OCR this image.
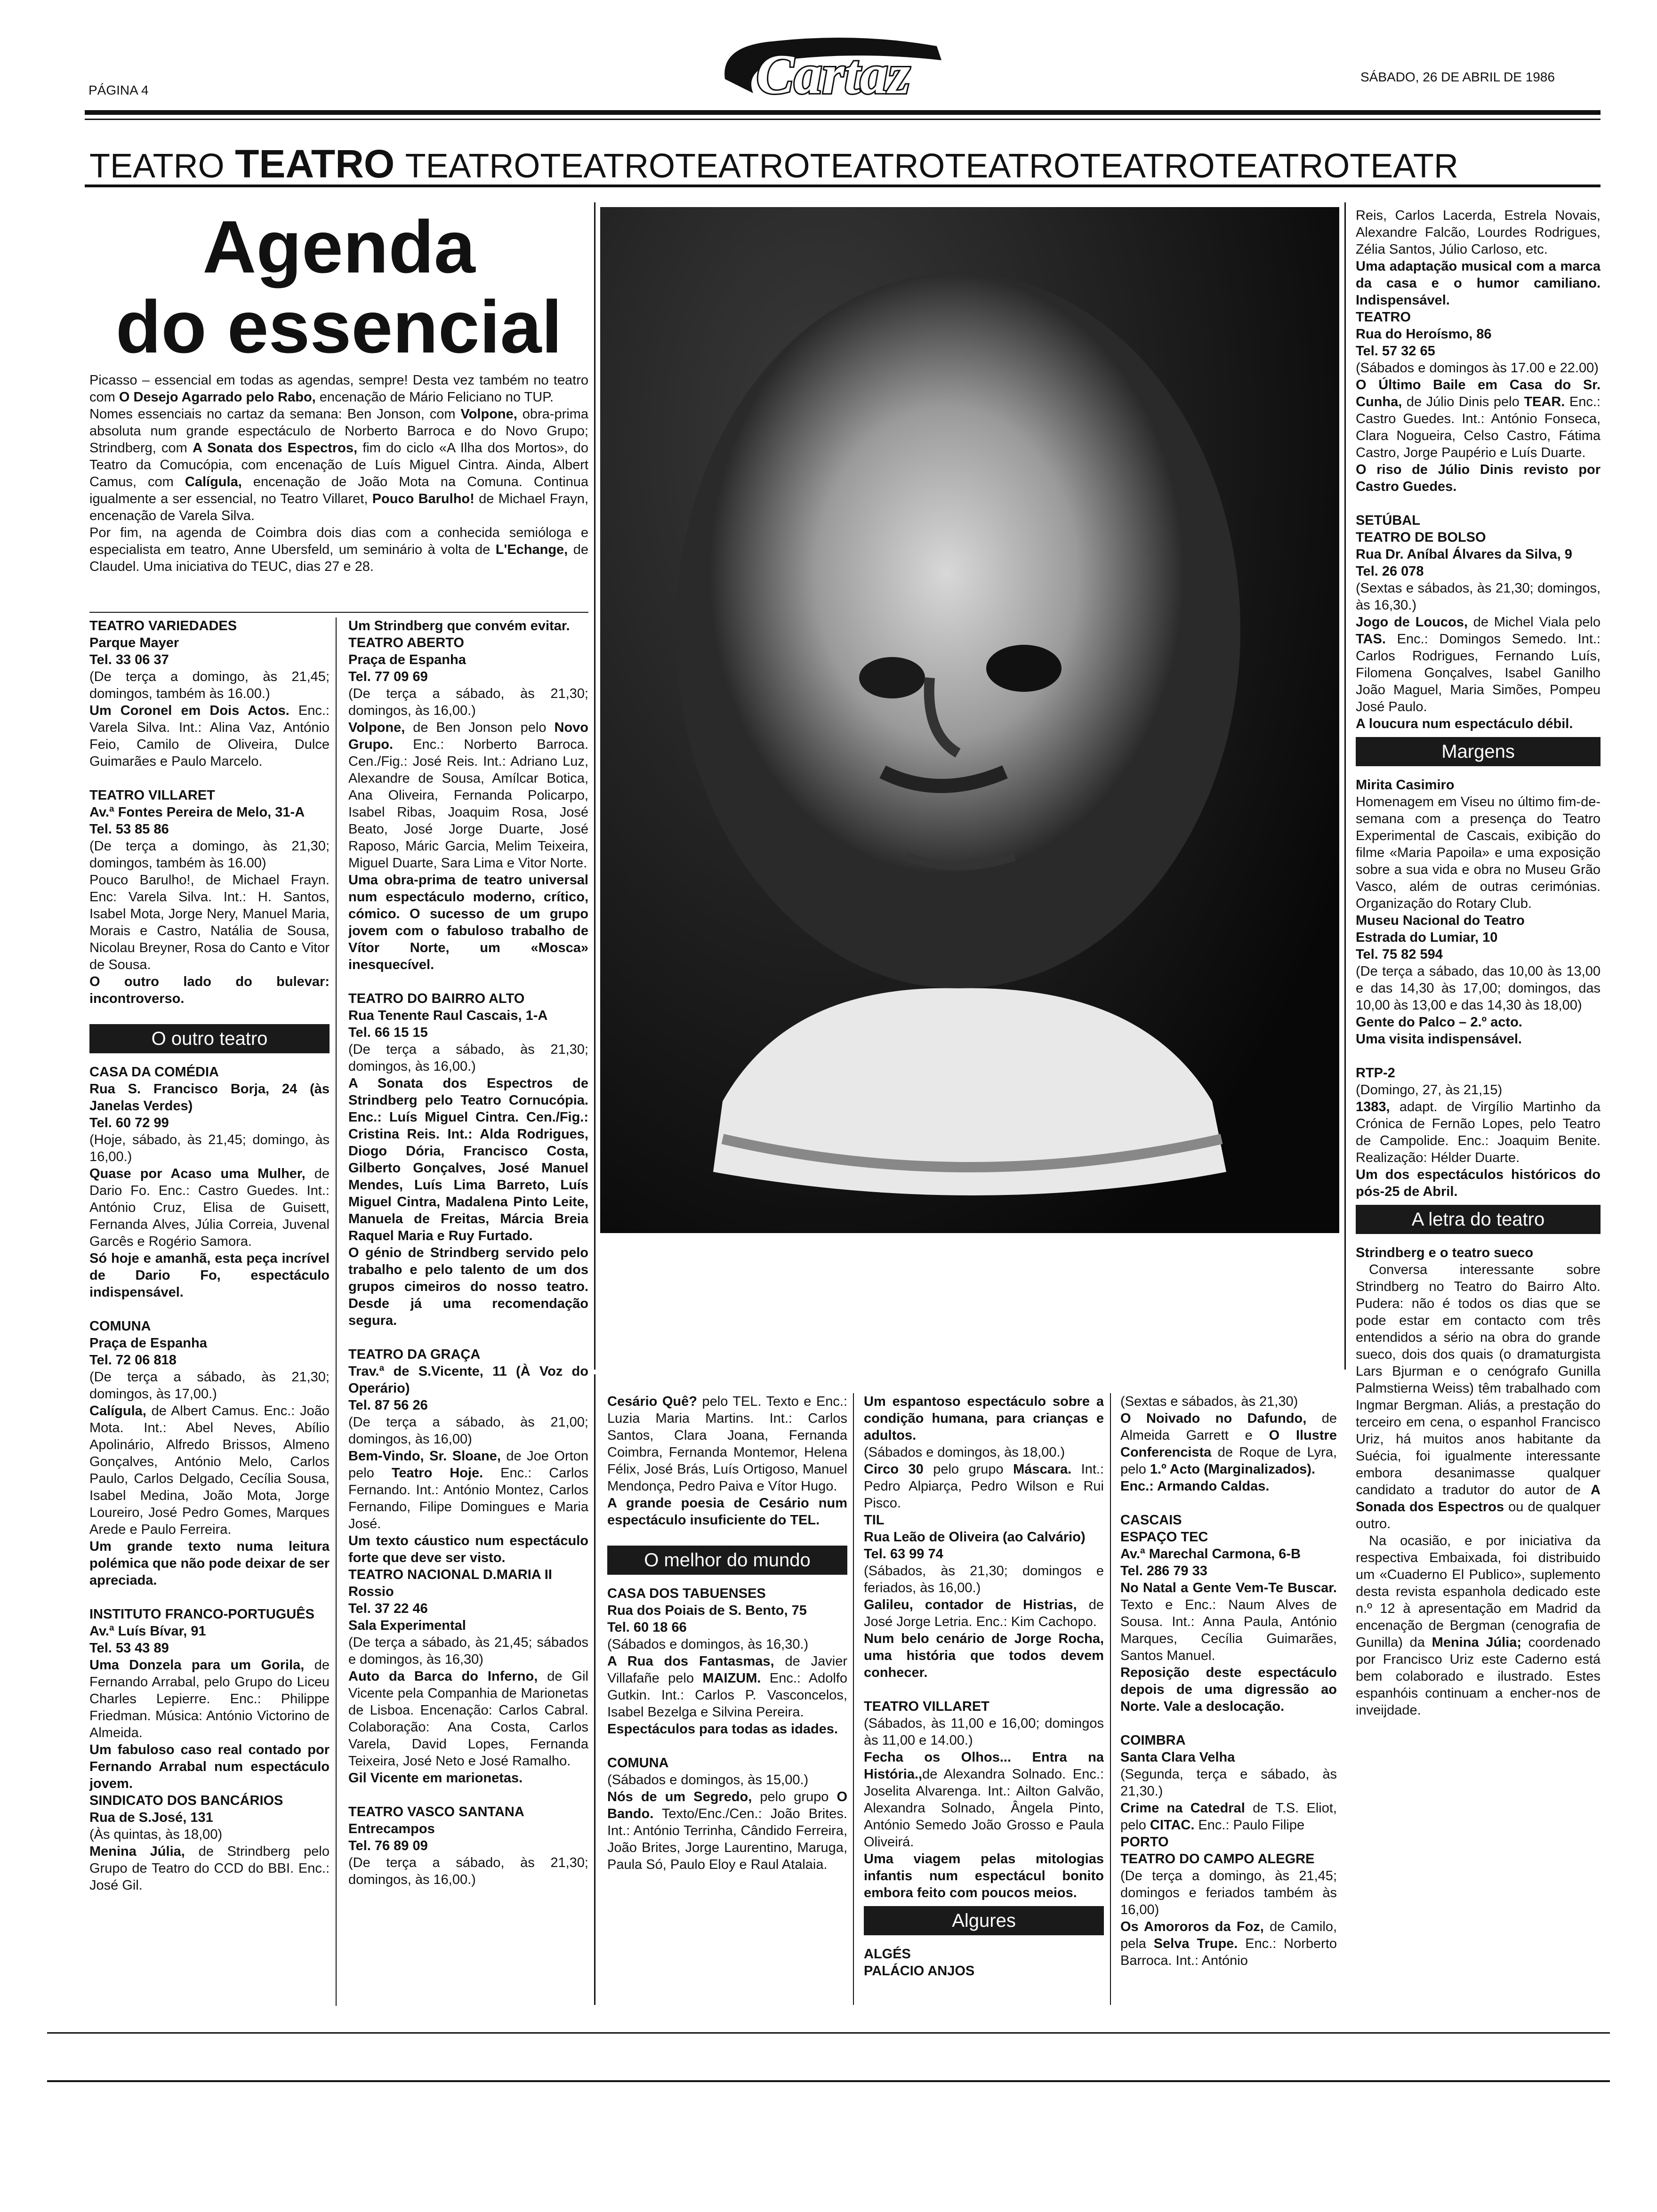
PÁGINA 4	Cartaz	SÁBADO, 26 DE ABRIL DE 1986
TEATRO TEATRO TEATROTEATROTEATROTEATROTEATROTEATROTEATROTEATR
Agenda
do essencial

Picasso – essencial em todas as agendas, sempre! Desta vez também no teatro com O Desejo Agarrado pelo Rabo, encenação de Mário Feliciano no TUP.

Nomes essenciais no cartaz da semana: Ben Jonson, com Volpone, obra-prima absoluta num grande espectáculo de Norberto Barroca e do Novo Grupo; Strindberg, com A Sonata dos Espectros, fim do ciclo «A Ilha dos Mortos», do Teatro da Comucópia, com encenação de Luís Miguel Cintra. Ainda, Albert Camus, com Calígula, encenação de João Mota na Comuna. Continua igualmente a ser essencial, no Teatro Villaret, Pouco Barulho! de Michael Frayn, encenação de Varela Silva.

Por fim, na agenda de Coimbra dois dias com a conhecida semióloga e especialista em teatro, Anne Ubersfeld, um seminário à volta de L'Echange, de Claudel. Uma iniciativa do TEUC, dias 27 e 28.

TEATRO VARIEDADES

Parque Mayer

Tel. 33 06 37

(De terça a domingo, às 21,45; domingos, também às 16.00.)

Um Coronel em Dois Actos. Enc.: Varela Silva. Int.: Alina Vaz, António Feio, Camilo de Oliveira, Dulce Guimarães e Paulo Marcelo.

TEATRO VILLARET

Av.ª Fontes Pereira de Melo, 31-A

Tel. 53 85 86

(De terça a domingo, às 21,30; domingos, também às 16.00)

Pouco Barulho!, de Michael Frayn. Enc: Varela Silva. Int.: H. Santos, Isabel Mota, Jorge Nery, Manuel Maria, Morais e Castro, Natália de Sousa, Nicolau Breyner, Rosa do Canto e Vitor de Sousa.

O outro lado do bulevar: incontroverso.

O outro teatro

CASA DA COMÉDIA

Rua S. Francisco Borja, 24 (às Janelas Verdes)

Tel. 60 72 99

(Hoje, sábado, às 21,45; domingo, às 16,00.)

Quase por Acaso uma Mulher, de Dario Fo. Enc.: Castro Guedes. Int.: António Cruz, Elisa de Guisett, Fernanda Alves, Júlia Correia, Juvenal Garcês e Rogério Samora.

Só hoje e amanhã, esta peça incrível de Dario Fo, espectáculo indispensável.

COMUNA

Praça de Espanha

Tel. 72 06 818

(De terça a sábado, às 21,30; domingos, às 17,00.)

Calígula, de Albert Camus. Enc.: João Mota. Int.: Abel Neves, Abílio Apolinário, Alfredo Brissos, Almeno Gonçalves, António Melo, Carlos Paulo, Carlos Delgado, Cecília Sousa, Isabel Medina, João Mota, Jorge Loureiro, José Pedro Gomes, Marques Arede e Paulo Ferreira.

Um grande texto numa leitura polémica que não pode deixar de ser apreciada.

INSTITUTO FRANCO-PORTUGUÊS

Av.ª Luís Bívar, 91

Tel. 53 43 89

Uma Donzela para um Gorila, de Fernando Arrabal, pelo Grupo do Liceu Charles Lepierre. Enc.: Philippe Friedman. Música: António Victorino de Almeida.

Um fabuloso caso real contado por Fernando Arrabal num espectáculo jovem.

SINDICATO DOS BANCÁRIOS

Rua de S.José, 131

(Às quintas, às 18,00)

Menina Júlia, de Strindberg pelo Grupo de Teatro do CCD do BBI. Enc.: José Gil.

Um Strindberg que convém evitar.

TEATRO ABERTO

Praça de Espanha

Tel. 77 09 69

(De terça a sábado, às 21,30; domingos, às 16,00.)

Volpone, de Ben Jonson pelo Novo Grupo. Enc.: Norberto Barroca. Cen./Fig.: José Reis. Int.: Adriano Luz, Alexandre de Sousa, Amílcar Botica, Ana Oliveira, Fernanda Policarpo, Isabel Ribas, Joaquim Rosa, José Beato, José Jorge Duarte, José Raposo, Máric Garcia, Melim Teixeira, Miguel Duarte, Sara Lima e Vitor Norte.

Uma obra-prima de teatro universal num espectáculo moderno, crítico, cómico. O sucesso de um grupo jovem com o fabuloso trabalho de Vítor Norte, um «Mosca» inesquecível.

TEATRO DO BAIRRO ALTO

Rua Tenente Raul Cascais, 1-A

Tel. 66 15 15

(De terça a sábado, às 21,30; domingos, às 16,00.)

A Sonata dos Espectros de Strindberg pelo Teatro Cornucópia. Enc.: Luís Miguel Cintra. Cen./Fig.: Cristina Reis. Int.: Alda Rodrigues, Diogo Dória, Francisco Costa, Gilberto Gonçalves, José Manuel Mendes, Luís Lima Barreto, Luís Miguel Cintra, Madalena Pinto Leite, Manuela de Freitas, Márcia Breia Raquel Maria e Ruy Furtado.

O génio de Strindberg servido pelo trabalho e pelo talento de um dos grupos cimeiros do nosso teatro. Desde já uma recomendação segura.

TEATRO DA GRAÇA

Trav.ª de S.Vicente, 11 (À Voz do Operário)

Tel. 87 56 26

(De terça a sábado, às 21,00; domingos, às 16,00)

Bem-Vindo, Sr. Sloane, de Joe Orton pelo Teatro Hoje. Enc.: Carlos Fernando. Int.: António Montez, Carlos Fernando, Filipe Domingues e Maria José.

Um texto cáustico num espectáculo forte que deve ser visto.

TEATRO NACIONAL D.MARIA II

Rossio

Tel. 37 22 46

Sala Experimental

(De terça a sábado, às 21,45; sábados e domingos, às 16,30)

Auto da Barca do Inferno, de Gil Vicente pela Companhia de Marionetas de Lisboa. Encenação: Carlos Cabral. Colaboração: Ana Costa, Carlos Varela, David Lopes, Fernanda Teixeira, José Neto e José Ramalho.

Gil Vicente em marionetas.

TEATRO VASCO SANTANA

Entrecampos

Tel. 76 89 09

(De terça a sábado, às 21,30; domingos, às 16,00.)

Cesário Quê? pelo TEL. Texto e Enc.: Luzia Maria Martins. Int.: Carlos Santos, Clara Joana, Fernanda Coimbra, Fernanda Montemor, Helena Félix, José Brás, Luís Ortigoso, Manuel Mendonça, Pedro Paiva e Vítor Hugo.

A grande poesia de Cesário num espectáculo insuficiente do TEL.

O melhor do mundo

CASA DOS TABUENSES

Rua dos Poiais de S. Bento, 75

Tel. 60 18 66

(Sábados e domingos, às 16,30.)

A Rua dos Fantasmas, de Javier Villafañe pelo MAIZUM. Enc.: Adolfo Gutkin. Int.: Carlos P. Vasconcelos, Isabel Bezelga e Silvina Pereira.

Espectáculos para todas as idades.

COMUNA

(Sábados e domingos, às 15,00.)

Nós de um Segredo, pelo grupo O Bando. Texto/Enc./Cen.: João Brites. Int.: António Terrinha, Cândido Ferreira, João Brites, Jorge Laurentino, Maruga, Paula Só, Paulo Eloy e Raul Atalaia.

Um espantoso espectáculo sobre a condição humana, para crianças e adultos.

(Sábados e domingos, às 18,00.)

Circo 30 pelo grupo Máscara. Int.: Pedro Alpiarça, Pedro Wilson e Rui Pisco.

TIL

Rua Leão de Oliveira (ao Calvário)

Tel. 63 99 74

(Sábados, às 21,30; domingos e feriados, às 16,00.)

Galileu, contador de Histrias, de José Jorge Letria. Enc.: Kim Cachopo.

Num belo cenário de Jorge Rocha, uma história que todos devem conhecer.

TEATRO VILLARET

(Sábados, às 11,00 e 16,00; domingos às 11,00 e 14.00.)

Fecha os Olhos... Entra na História.,de Alexandra Solnado. Enc.: Joselita Alvarenga. Int.: Ailton Galvão, Alexandra Solnado, Ângela Pinto, António Semedo João Grosso e Paula Oliveirá.

Uma viagem pelas mitologias infantis num espectácul bonito embora feito com poucos meios.

Algures

ALGÉS

PALÁCIO ANJOS

(Sextas e sábados, às 21,30)

O Noivado no Dafundo, de Almeida Garrett e O Ilustre Conferencista de Roque de Lyra, pelo 1.º Acto (Marginalizados).

Enc.: Armando Caldas.

CASCAIS

ESPAÇO TEC

Av.ª Marechal Carmona, 6-B

Tel. 286 79 33

No Natal a Gente Vem-Te Buscar. Texto e Enc.: Naum Alves de Sousa. Int.: Anna Paula, António Marques, Cecília Guimarães, Santos Manuel.

Reposição deste espectáculo depois de uma digressão ao Norte. Vale a deslocação.

COIMBRA

Santa Clara Velha

(Segunda, terça e sábado, às 21,30.)

Crime na Catedral de T.S. Eliot, pelo CITAC. Enc.: Paulo Filipe

PORTO

TEATRO DO CAMPO ALEGRE

(De terça a domingo, às 21,45; domingos e feriados também às 16,00)

Os Amororos da Foz, de Camilo, pela Selva Trupe. Enc.: Norberto Barroca. Int.: António

Reis, Carlos Lacerda, Estrela Novais, Alexandre Falcão, Lourdes Rodrigues, Zélia Santos, Júlio Carloso, etc.

Uma adaptação musical com a marca da casa e o humor camiliano. Indispensável.

TEATRO

Rua do Heroísmo, 86

Tel. 57 32 65

(Sábados e domingos às 17.00 e 22.00)

O Último Baile em Casa do Sr. Cunha, de Júlio Dinis pelo TEAR. Enc.: Castro Guedes. Int.: António Fonseca, Clara Nogueira, Celso Castro, Fátima Castro, Jorge Paupério e Luís Duarte.

O riso de Júlio Dinis revisto por Castro Guedes.

SETÚBAL

TEATRO DE BOLSO

Rua Dr. Aníbal Álvares da Silva, 9

Tel. 26 078

(Sextas e sábados, às 21,30; domingos, às 16,30.)

Jogo de Loucos, de Michel Viala pelo TAS. Enc.: Domingos Semedo. Int.: Carlos Rodrigues, Fernando Luís, Filomena Gonçalves, Isabel Ganilho João Maguel, Maria Simões, Pompeu José Paulo.

A loucura num espectáculo débil.

Margens

Mirita Casimiro

Homenagem em Viseu no último fim-de-semana com a presença do Teatro Experimental de Cascais, exibição do filme «Maria Papoila» e uma exposição sobre a sua vida e obra no Museu Grão Vasco, além de outras cerimónias. Organização do Rotary Club.

Museu Nacional do Teatro

Estrada do Lumiar, 10

Tel. 75 82 594

(De terça a sábado, das 10,00 às 13,00 e das 14,30 às 17,00; domingos, das 10,00 às 13,00 e das 14,30 às 18,00)

Gente do Palco – 2.º acto.

Uma visita indispensável.

RTP-2

(Domingo, 27, às 21,15)

1383, adapt. de Virgílio Martinho da Crónica de Fernão Lopes, pelo Teatro de Campolide. Enc.: Joaquim Benite. Realização: Hélder Duarte.

Um dos espectáculos históricos do pós-25 de Abril.

A letra do teatro

Strindberg e o teatro sueco

Conversa interessante sobre Strindberg no Teatro do Bairro Alto. Pudera: não é todos os dias que se pode estar em contacto com três entendidos a sério na obra do grande sueco, dois dos quais (o dramaturgista Lars Bjurman e o cenógrafo Gunilla Palmstierna Weiss) têm trabalhado com Ingmar Bergman. Aliás, a prestação do terceiro em cena, o espanhol Francisco Uriz, há muitos anos habitante da Suécia, foi igualmente interessante embora desanimasse qualquer candidato a tradutor do autor de A Sonada dos Espectros ou de qualquer outro.

Na ocasião, e por iniciativa da respectiva Embaixada, foi distribuido um «Cuaderno El Publico», suplemento desta revista espanhola dedicado este n.º 12 à apresentação em Madrid da encenação de Bergman (cenografia de Gunilla) da Menina Júlia; coordenado por Francisco Uriz este Caderno está bem colaborado e ilustrado. Estes espanhóis continuam a encher-nos de inveijdade.
